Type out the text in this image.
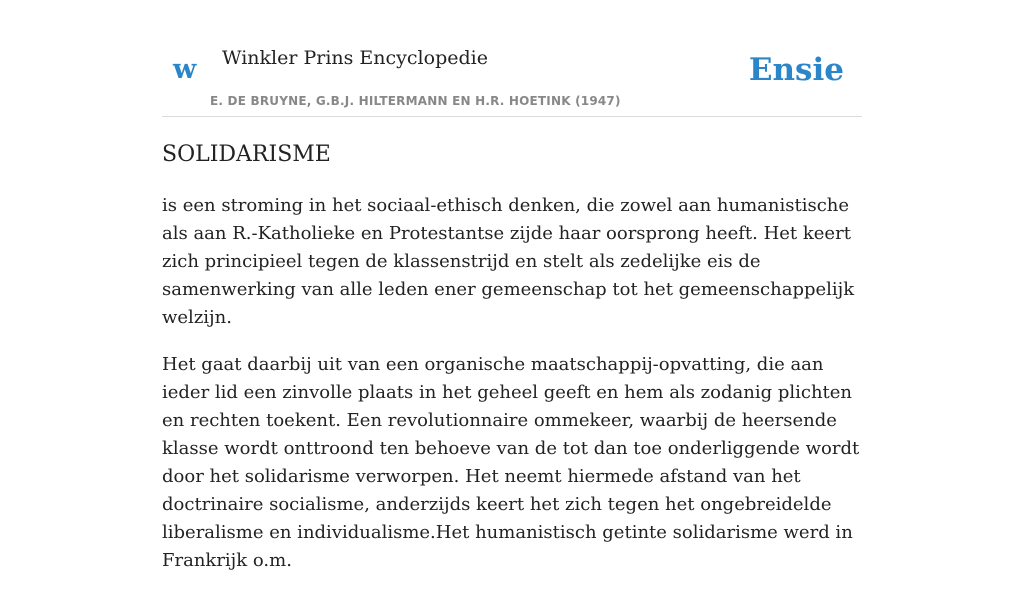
w Winkler Prins Encyclopedie
E. DE BRUYNE, G.B.J. HILTERMANN EN H.R. HOETINK (1947)
Ensie
SOLIDARISME

is een stroming in het sociaal-ethisch denken, die zowel aan humanistische als aan R.-Katholieke en Protestantse zijde haar oorsprong heeft. Het keert zich principieel tegen de klassenstrijd en stelt als zedelijke eis de samenwerking van alle leden ener gemeenschap tot het gemeenschappelijk welzijn.

Het gaat daarbij uit van een organische maatschappij-opvatting, die aan ieder lid een zinvolle plaats in het geheel geeft en hem als zodanig plichten en rechten toekent. Een revolutionnaire ommekeer, waarbij de heersende klasse wordt onttroond ten behoeve van de tot dan toe onderliggende wordt door het solidarisme verworpen. Het neemt hiermede afstand van het doctrinaire socialisme, anderzijds keert het zich tegen het ongebreidelde liberalisme en individualisme.Het humanistisch getinte solidarisme werd in Frankrijk o.m.
